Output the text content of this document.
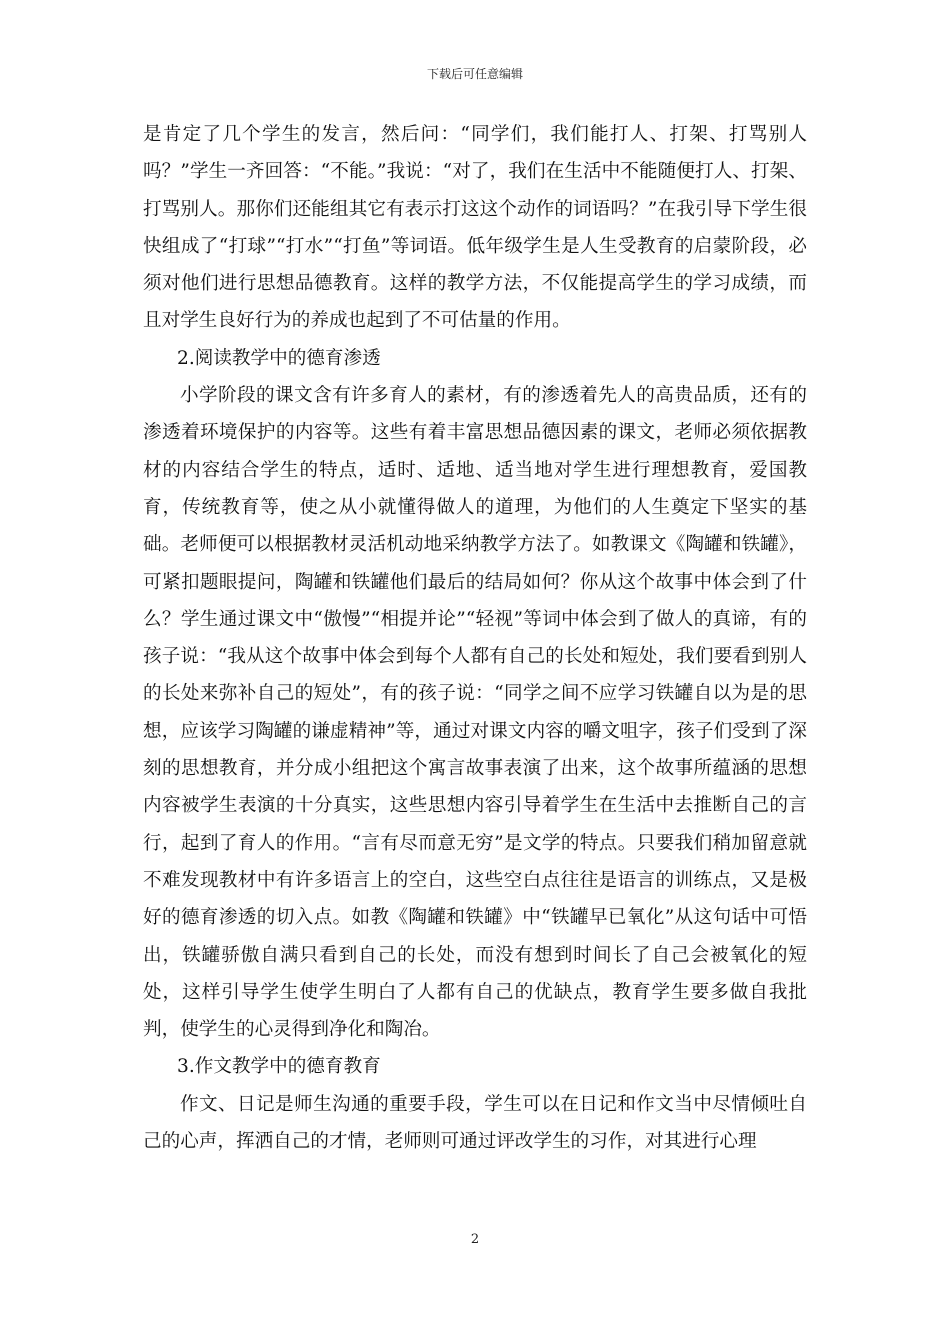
下载后可任意编辑

是肯定了几个学生的发言，然后问：“同学们，我们能打人、打架、打骂别人吗？”学生一齐回答：“不能。”我说：“对了，我们在生活中不能随便打人、打架、打骂别人。那你们还能组其它有表示打这这个动作的词语吗？”在我引导下学生很快组成了“打球”“打水”“打鱼”等词语。低年级学生是人生受教育的启蒙阶段，必须对他们进行思想品德教育。这样的教学方法，不仅能提高学生的学习成绩，而且对学生良好行为的养成也起到了不可估量的作用。

2.阅读教学中的德育渗透

小学阶段的课文含有许多育人的素材，有的渗透着先人的高贵品质，还有的渗透着环境保护的内容等。这些有着丰富思想品德因素的课文，老师必须依据教材的内容结合学生的特点，适时、适地、适当地对学生进行理想教育，爱国教育，传统教育等，使之从小就懂得做人的道理，为他们的人生奠定下坚实的基础。老师便可以根据教材灵活机动地采纳教学方法了。如教课文《陶罐和铁罐》，可紧扣题眼提问，陶罐和铁罐他们最后的结局如何？你从这个故事中体会到了什么？学生通过课文中“傲慢”“相提并论”“轻视”等词中体会到了做人的真谛，有的孩子说：“我从这个故事中体会到每个人都有自己的长处和短处，我们要看到别人的长处来弥补自己的短处”，有的孩子说：“同学之间不应学习铁罐自以为是的思想，应该学习陶罐的谦虚精神”等，通过对课文内容的嚼文咀字，孩子们受到了深刻的思想教育，并分成小组把这个寓言故事表演了出来，这个故事所蕴涵的思想内容被学生表演的十分真实，这些思想内容引导着学生在生活中去推断自己的言行，起到了育人的作用。“言有尽而意无穷”是文学的特点。只要我们稍加留意就不难发现教材中有许多语言上的空白，这些空白点往往是语言的训练点，又是极好的德育渗透的切入点。如教《陶罐和铁罐》中“铁罐早已氧化”从这句话中可悟出，铁罐骄傲自满只看到自己的长处，而没有想到时间长了自己会被氧化的短处，这样引导学生使学生明白了人都有自己的优缺点，教育学生要多做自我批判，使学生的心灵得到净化和陶冶。

3.作文教学中的德育教育

作文、日记是师生沟通的重要手段，学生可以在日记和作文当中尽情倾吐自己的心声，挥洒自己的才情，老师则可通过评改学生的习作，对其进行心理

2
